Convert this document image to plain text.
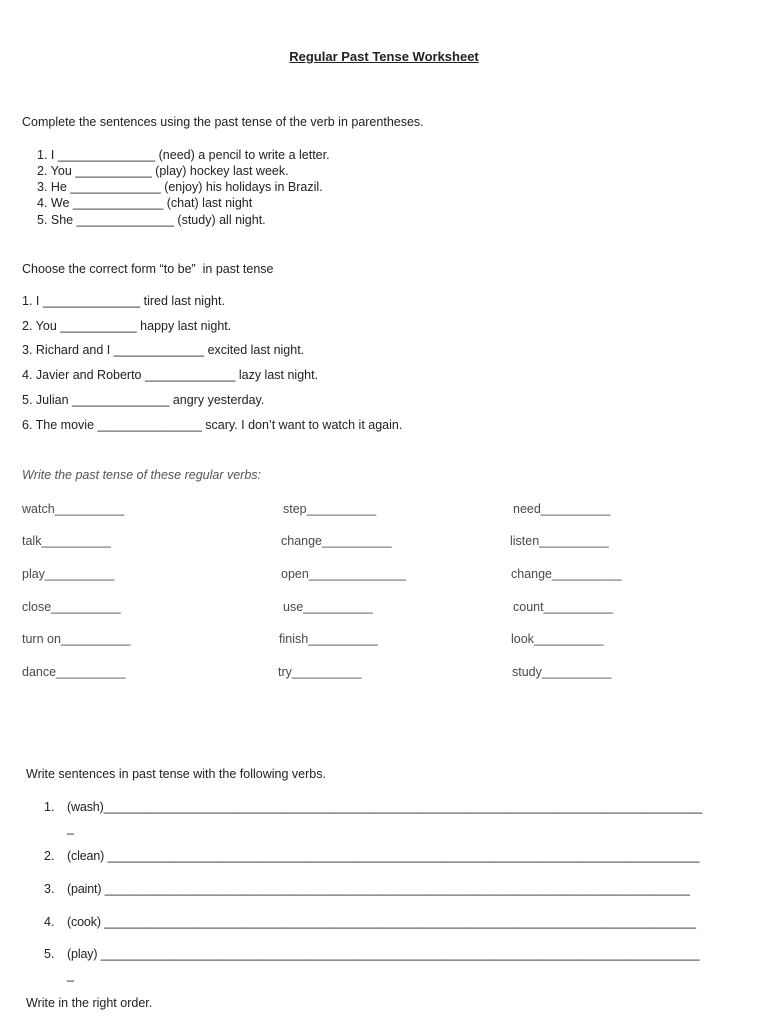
Regular Past Tense Worksheet
Complete the sentences using the past tense of the verb in parentheses.
1. I ______________ (need) a pencil to write a letter.
2. You ___________ (play) hockey last week.
3. He _____________ (enjoy) his holidays in Brazil.
4. We _____________ (chat) last night
5. She ______________ (study) all night.
Choose the correct form “to be”  in past tense
1. I ______________ tired last night.
2. You ___________ happy last night.
3. Richard and I _____________ excited last night.
4. Javier and Roberto _____________ lazy last night.
5. Julian ______________ angry yesterday.
6. The movie _______________ scary. I don’t want to watch it again.
Write the past tense of these regular verbs:
watch__________	step__________	need__________
talk__________	change__________	listen__________
play__________	open______________	change__________
close__________	use__________	count__________
turn on__________	finish__________	look__________
dance__________	try__________	study__________
Write sentences in past tense with the following verbs.
1. (wash)________________________________________________________________________________________
_
2. (clean) _______________________________________________________________________________________
3. (paint) ______________________________________________________________________________________
4. (cook) _______________________________________________________________________________________
5. (play) ________________________________________________________________________________________
_
Write in the right order.
